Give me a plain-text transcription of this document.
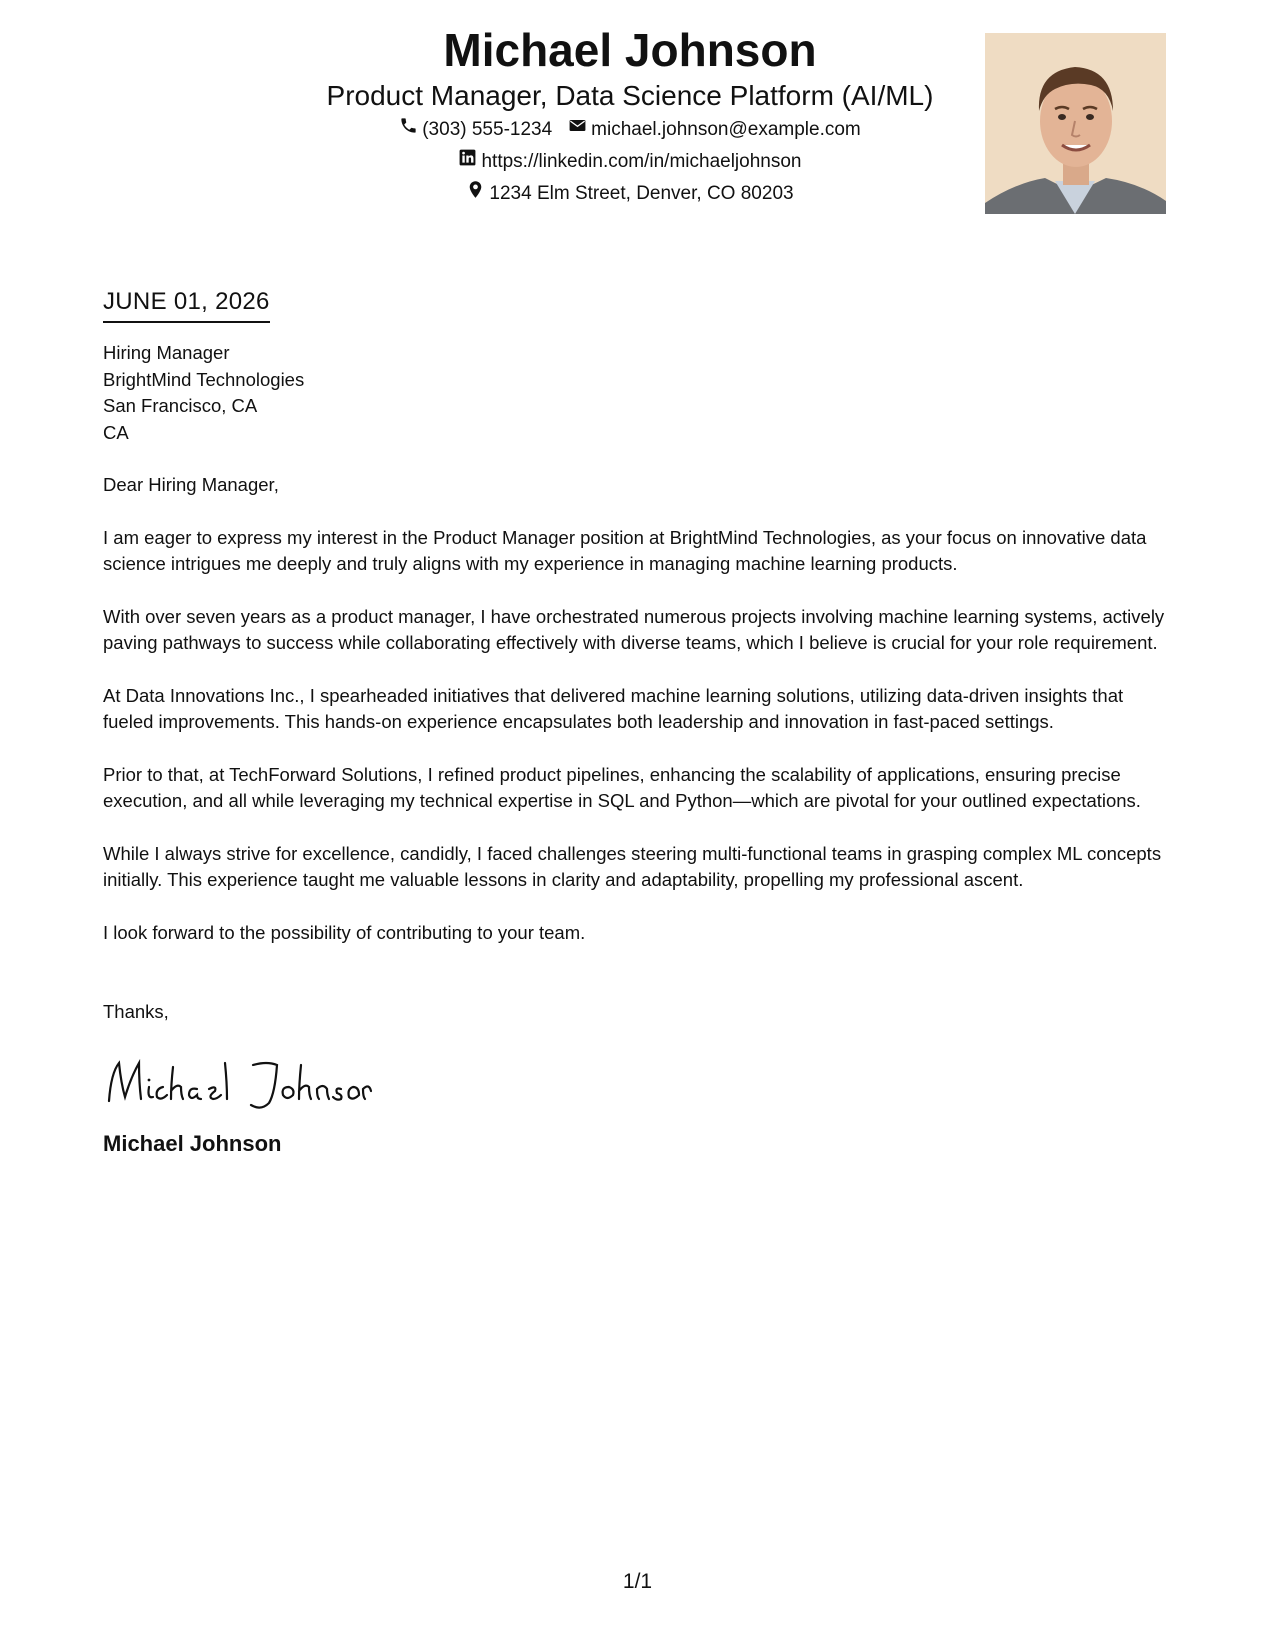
Michael Johnson
Product Manager, Data Science Platform (AI/ML)
(303) 555-1234 michael.johnson@example.com
https://linkedin.com/in/michaeljohnson
1234 Elm Street, Denver, CO 80203
JUNE 01, 2026
Hiring Manager
BrightMind Technologies
San Francisco, CA
CA
Dear Hiring Manager,

I am eager to express my interest in the Product Manager position at BrightMind Technologies, as your focus on innovative data science intrigues me deeply and truly aligns with my experience in managing machine learning products.

With over seven years as a product manager, I have orchestrated numerous projects involving machine learning systems, actively paving pathways to success while collaborating effectively with diverse teams, which I believe is crucial for your role requirement.

At Data Innovations Inc., I spearheaded initiatives that delivered machine learning solutions, utilizing data-driven insights that fueled improvements. This hands-on experience encapsulates both leadership and innovation in fast-paced settings.

Prior to that, at TechForward Solutions, I refined product pipelines, enhancing the scalability of applications, ensuring precise execution, and all while leveraging my technical expertise in SQL and Python—which are pivotal for your outlined expectations.

While I always strive for excellence, candidly, I faced challenges steering multi-functional teams in grasping complex ML concepts initially. This experience taught me valuable lessons in clarity and adaptability, propelling my professional ascent.

I look forward to the possibility of contributing to your team.

Thanks,
Michael Johnson
1/1
